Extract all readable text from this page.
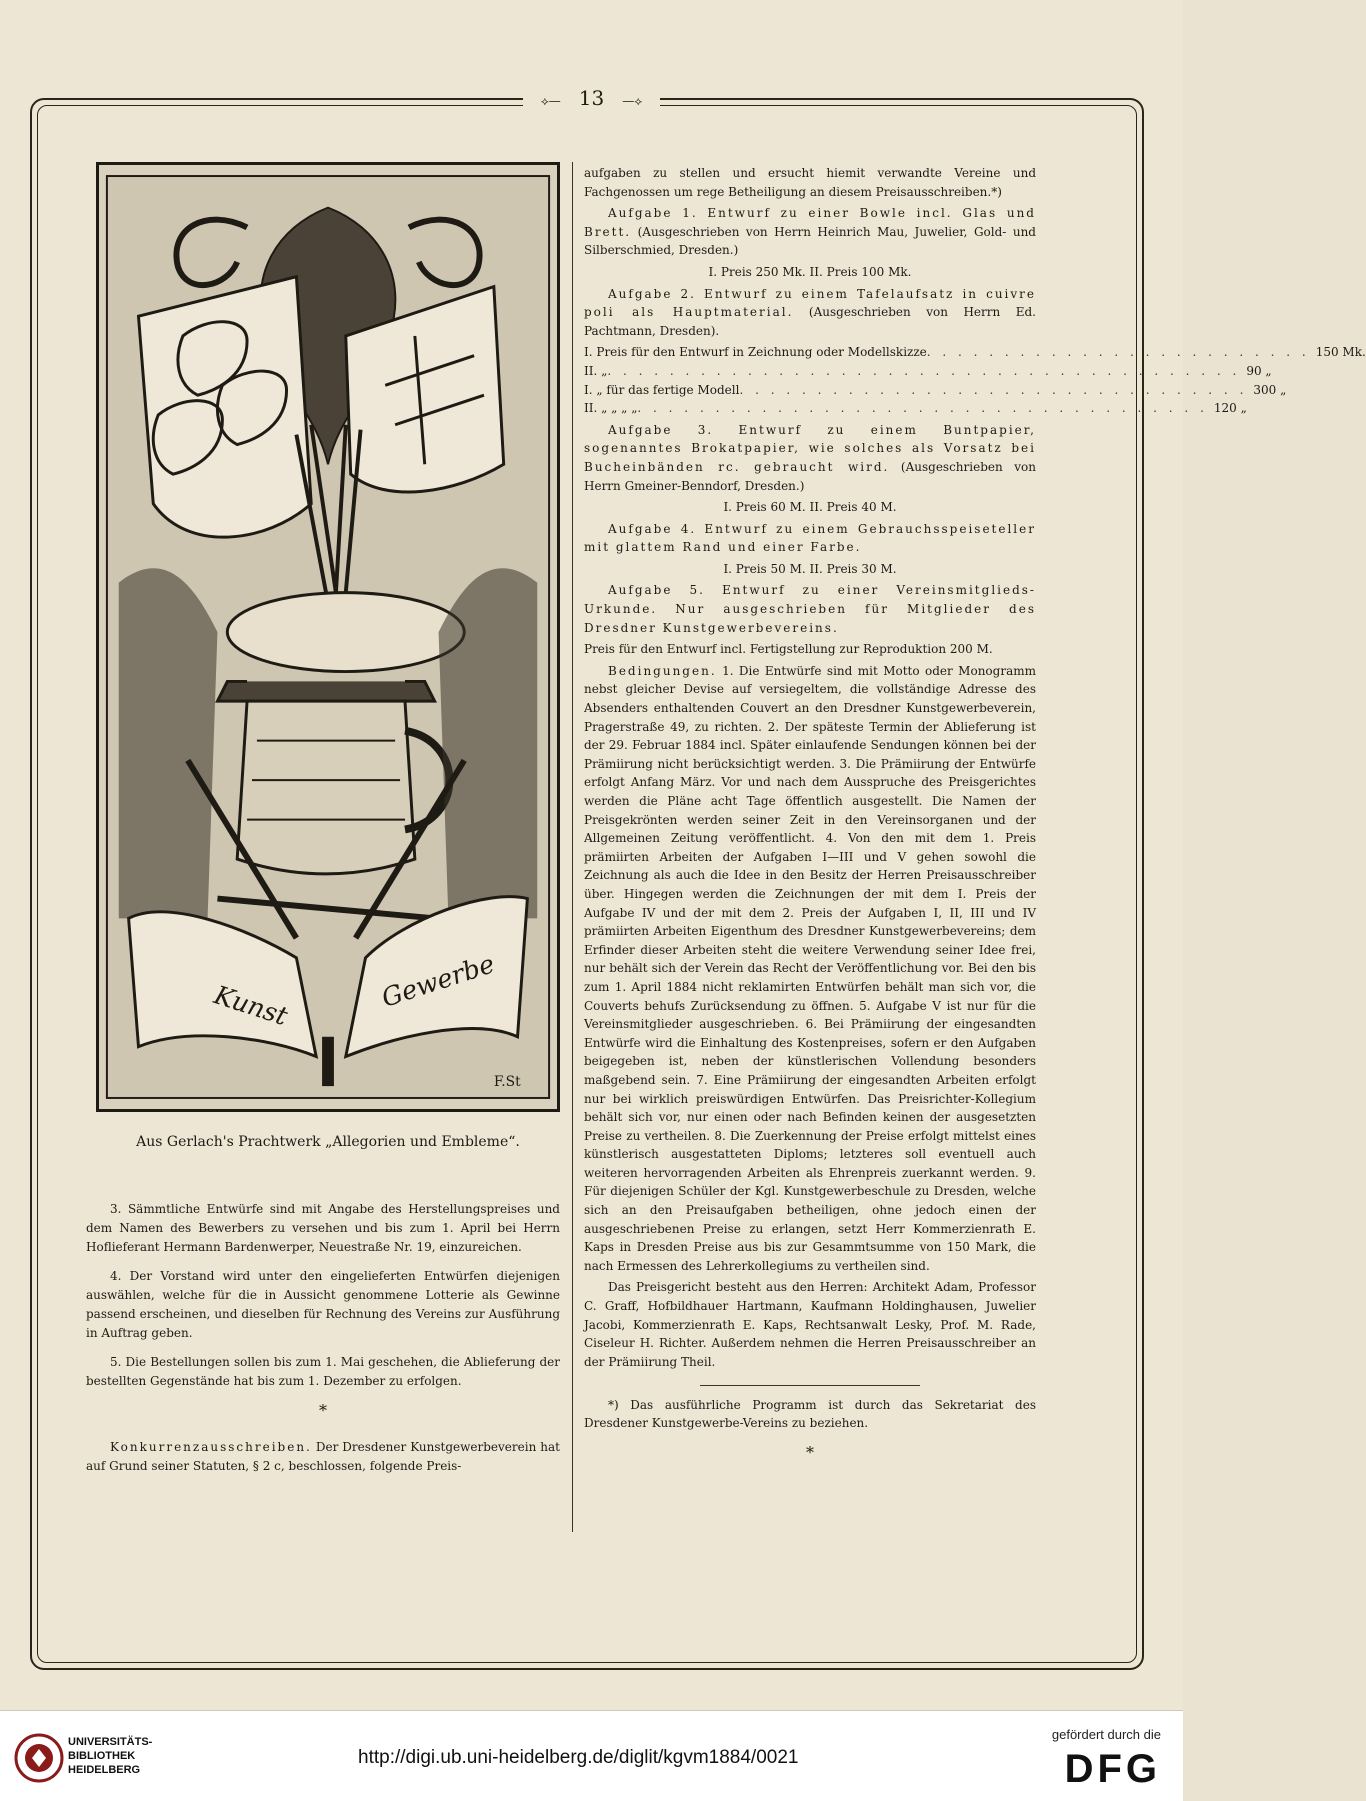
⟡— 13 —⟡
Kunst	Gewerbe
F.St
Aus Gerlach's Prachtwerk „Allegorien und Embleme“.

3. Sämmtliche Entwürfe sind mit Angabe des Herstellungspreises und dem Namen des Bewerbers zu versehen und bis zum 1. April bei Herrn Hoflieferant Hermann Bardenwerper, Neuestraße Nr. 19, einzureichen.

4. Der Vorstand wird unter den eingelieferten Entwürfen diejenigen auswählen, welche für die in Aussicht genommene Lotterie als Gewinne passend erscheinen, und dieselben für Rechnung des Vereins zur Ausführung in Auftrag geben.

5. Die Bestellungen sollen bis zum 1. Mai geschehen, die Ablieferung der bestellten Gegenstände hat bis zum 1. Dezember zu erfolgen.

*

Konkurrenzausschreiben. Der Dresdener Kunstgewerbeverein hat auf Grund seiner Statuten, § 2 c, beschlossen, folgende Preis-

aufgaben zu stellen und ersucht hiemit verwandte Vereine und Fachgenossen um rege Betheiligung an diesem Preisausschreiben.*)

Aufgabe 1. Entwurf zu einer Bowle incl. Glas und Brett. (Ausgeschrieben von Herrn Heinrich Mau, Juwelier, Gold- und Silberschmied, Dresden.)

I. Preis 250 Mk. II. Preis 100 Mk.

Aufgabe 2. Entwurf zu einem Tafelaufsatz in cuivre poli als Hauptmaterial. (Ausgeschrieben von Herrn Ed. Pachtmann, Dresden).

I. Preis für den Entwurf in Zeichnung oder Modellskizze . . . . . . . . . . . . . . . . . . . . . . . . . 150 Mk.
II. „ . . . . . . . . . . . . . . . . . . . . . . . . . . . . . . . . . . . . . . . . . 90 „
I. „ für das fertige Modell . . . . . . . . . . . . . . . . . . . . . . . . . . . . . . . . . 300 „
II. „ „ „ „ . . . . . . . . . . . . . . . . . . . . . . . . . . . . . . . . . . . . . 120 „

Aufgabe 3. Entwurf zu einem Buntpapier, sogenanntes Brokatpapier, wie solches als Vorsatz bei Bucheinbänden rc. gebraucht wird. (Ausgeschrieben von Herrn Gmeiner-Benndorf, Dresden.)

I. Preis 60 M. II. Preis 40 M.

Aufgabe 4. Entwurf zu einem Gebrauchsspeiseteller mit glattem Rand und einer Farbe.

I. Preis 50 M. II. Preis 30 M.

Aufgabe 5. Entwurf zu einer Vereinsmitglieds-Urkunde. Nur ausgeschrieben für Mitglieder des Dresdner Kunstgewerbevereins.

Preis für den Entwurf incl. Fertigstellung zur Reproduktion 200 M.

Bedingungen. 1. Die Entwürfe sind mit Motto oder Monogramm nebst gleicher Devise auf versiegeltem, die vollständige Adresse des Absenders enthaltenden Couvert an den Dresdner Kunstgewerbeverein, Pragerstraße 49, zu richten. 2. Der späteste Termin der Ablieferung ist der 29. Februar 1884 incl. Später einlaufende Sendungen können bei der Prämiirung nicht berücksichtigt werden. 3. Die Prämiirung der Entwürfe erfolgt Anfang März. Vor und nach dem Ausspruche des Preisgerichtes werden die Pläne acht Tage öffentlich ausgestellt. Die Namen der Preisgekrönten werden seiner Zeit in den Vereinsorganen und der Allgemeinen Zeitung veröffentlicht. 4. Von den mit dem 1. Preis prämiirten Arbeiten der Aufgaben I—III und V gehen sowohl die Zeichnung als auch die Idee in den Besitz der Herren Preisausschreiber über. Hingegen werden die Zeichnungen der mit dem I. Preis der Aufgabe IV und der mit dem 2. Preis der Aufgaben I, II, III und IV prämiirten Arbeiten Eigenthum des Dresdner Kunstgewerbevereins; dem Erfinder dieser Arbeiten steht die weitere Verwendung seiner Idee frei, nur behält sich der Verein das Recht der Veröffentlichung vor. Bei den bis zum 1. April 1884 nicht reklamirten Entwürfen behält man sich vor, die Couverts behufs Zurücksendung zu öffnen. 5. Aufgabe V ist nur für die Vereinsmitglieder ausgeschrieben. 6. Bei Prämiirung der eingesandten Entwürfe wird die Einhaltung des Kostenpreises, sofern er den Aufgaben beigegeben ist, neben der künstlerischen Vollendung besonders maßgebend sein. 7. Eine Prämiirung der eingesandten Arbeiten erfolgt nur bei wirklich preiswürdigen Entwürfen. Das Preisrichter-Kollegium behält sich vor, nur einen oder nach Befinden keinen der ausgesetzten Preise zu vertheilen. 8. Die Zuerkennung der Preise erfolgt mittelst eines künstlerisch ausgestatteten Diploms; letzteres soll eventuell auch weiteren hervorragenden Arbeiten als Ehrenpreis zuerkannt werden. 9. Für diejenigen Schüler der Kgl. Kunstgewerbeschule zu Dresden, welche sich an den Preisaufgaben betheiligen, ohne jedoch einen der ausgeschriebenen Preise zu erlangen, setzt Herr Kommerzienrath E. Kaps in Dresden Preise aus bis zur Gesammtsumme von 150 Mark, die nach Ermessen des Lehrerkollegiums zu vertheilen sind.

Das Preisgericht besteht aus den Herren: Architekt Adam, Professor C. Graff, Hofbildhauer Hartmann, Kaufmann Holdinghausen, Juwelier Jacobi, Kommerzienrath E. Kaps, Rechtsanwalt Lesky, Prof. M. Rade, Ciseleur H. Richter. Außerdem nehmen die Herren Preisausschreiber an der Prämiirung Theil.

*) Das ausführliche Programm ist durch das Sekretariat des Dresdener Kunstgewerbe-Vereins zu beziehen.
*
UNIVERSITÄTS-
BIBLIOTHEK
HEIDELBERG
http://digi.ub.uni-heidelberg.de/diglit/kgvm1884/0021
gefördert durch die
DFG
